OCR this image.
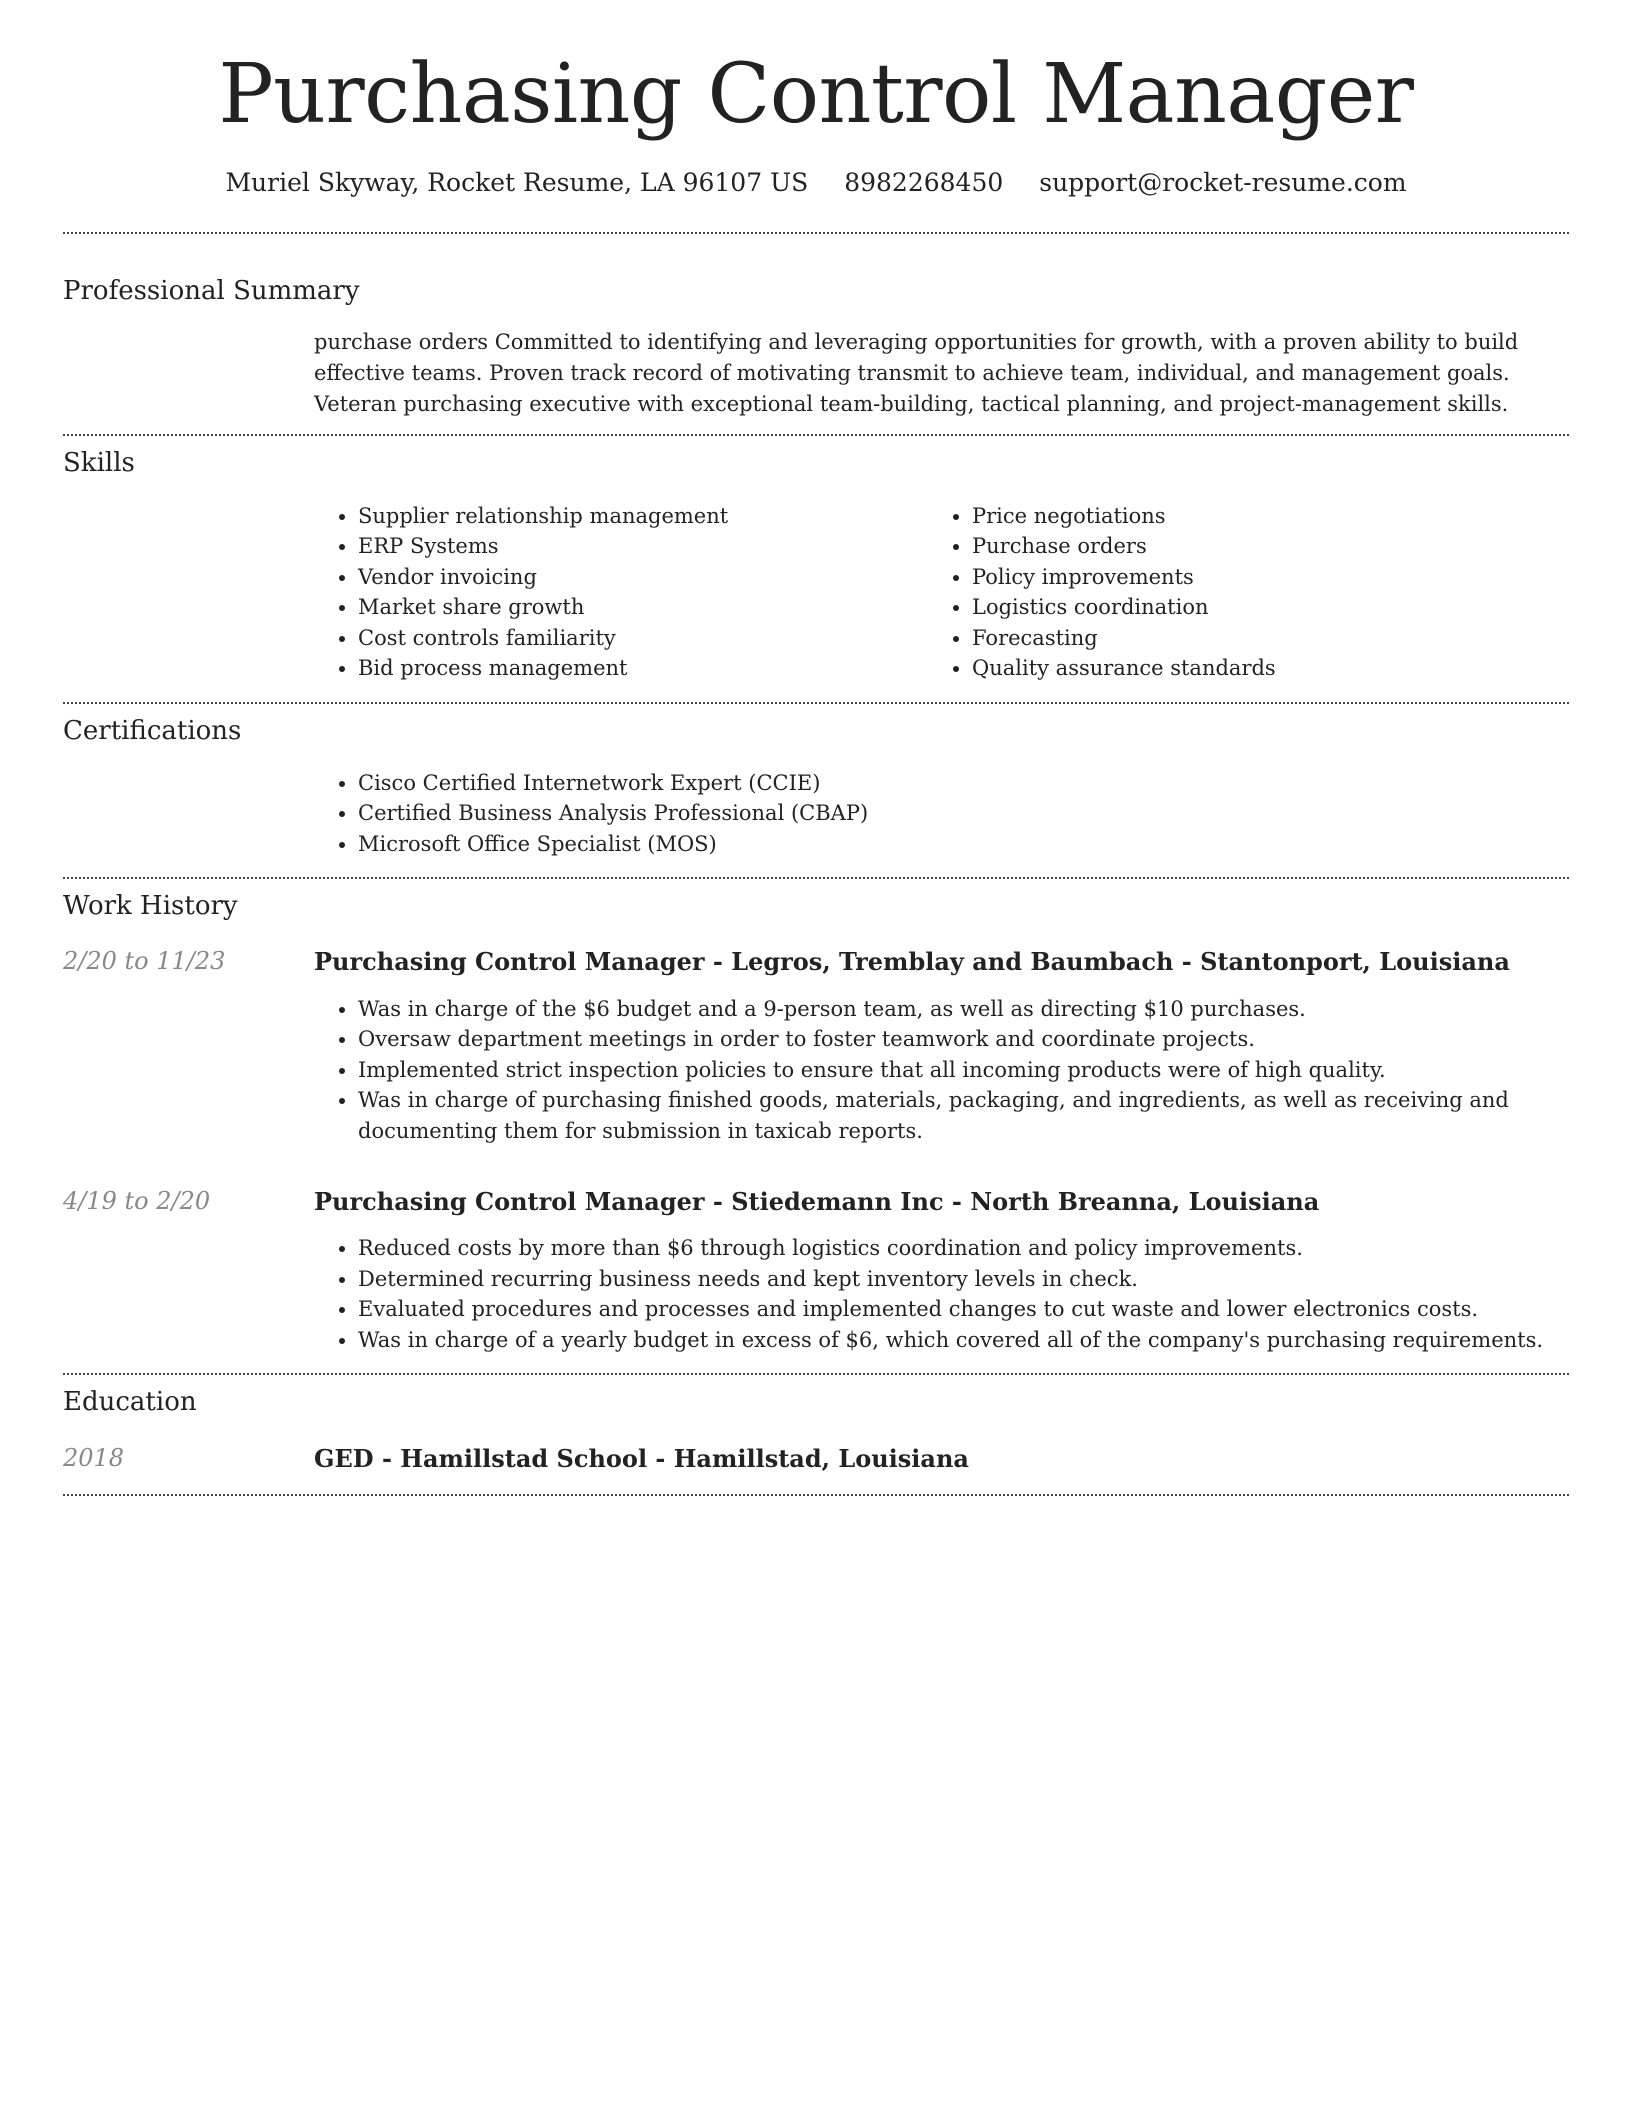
Purchasing Control Manager
Muriel Skyway, Rocket Resume, LA 96107 US 8982268450 support@rocket-resume.com
Professional Summary

purchase orders Committed to identifying and leveraging opportunities for growth, with a proven ability to build effective teams. Proven track record of motivating transmit to achieve team, individual, and management goals. Veteran purchasing executive with exceptional team-building, tactical planning, and project-management skills.

Skills
• Supplier relationship management
• ERP Systems
• Vendor invoicing
• Market share growth
• Cost controls familiarity
• Bid process management
• Price negotiations
• Purchase orders
• Policy improvements
• Logistics coordination
• Forecasting
• Quality assurance standards
Certifications
• Cisco Certified Internetwork Expert (CCIE)
• Certified Business Analysis Professional (CBAP)
• Microsoft Office Specialist (MOS)
Work History
2/20 to 11/23	Purchasing Control Manager - Legros, Tremblay and Baumbach - Stantonport, Louisiana
• Was in charge of the $6 budget and a 9-person team, as well as directing $10 purchases.
• Oversaw department meetings in order to foster teamwork and coordinate projects.
• Implemented strict inspection policies to ensure that all incoming products were of high quality.
• Was in charge of purchasing finished goods, materials, packaging, and ingredients, as well as receiving and documenting them for submission in taxicab reports.
4/19 to 2/20	Purchasing Control Manager - Stiedemann Inc - North Breanna, Louisiana
• Reduced costs by more than $6 through logistics coordination and policy improvements.
• Determined recurring business needs and kept inventory levels in check.
• Evaluated procedures and processes and implemented changes to cut waste and lower electronics costs.
• Was in charge of a yearly budget in excess of $6, which covered all of the company's purchasing requirements.
Education
2018	GED - Hamillstad School - Hamillstad, Louisiana
